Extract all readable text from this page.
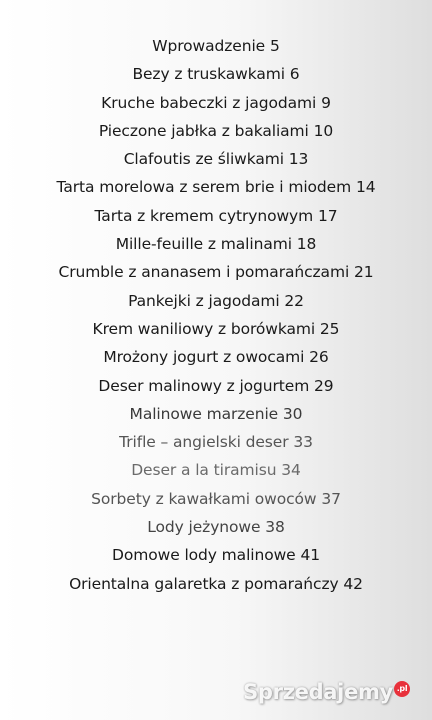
Wprowadzenie 5
Bezy z truskawkami 6
Kruche babeczki z jagodami 9
Pieczone jabłka z bakaliami 10
Clafoutis ze śliwkami 13
Tarta morelowa z serem brie i miodem 14
Tarta z kremem cytrynowym 17
Mille-feuille z malinami 18
Crumble z ananasem i pomarańczami 21
Pankejki z jagodami 22
Krem waniliowy z borówkami 25
Mrożony jogurt z owocami 26
Deser malinowy z jogurtem 29
Malinowe marzenie 30
Trifle – angielski deser 33
Deser a la tiramisu 34
Sorbety z kawałkami owoców 37
Lody jeżynowe 38
Domowe lody malinowe 41
Orientalna galaretka z pomarańczy 42
Sprzedajemy .pl
